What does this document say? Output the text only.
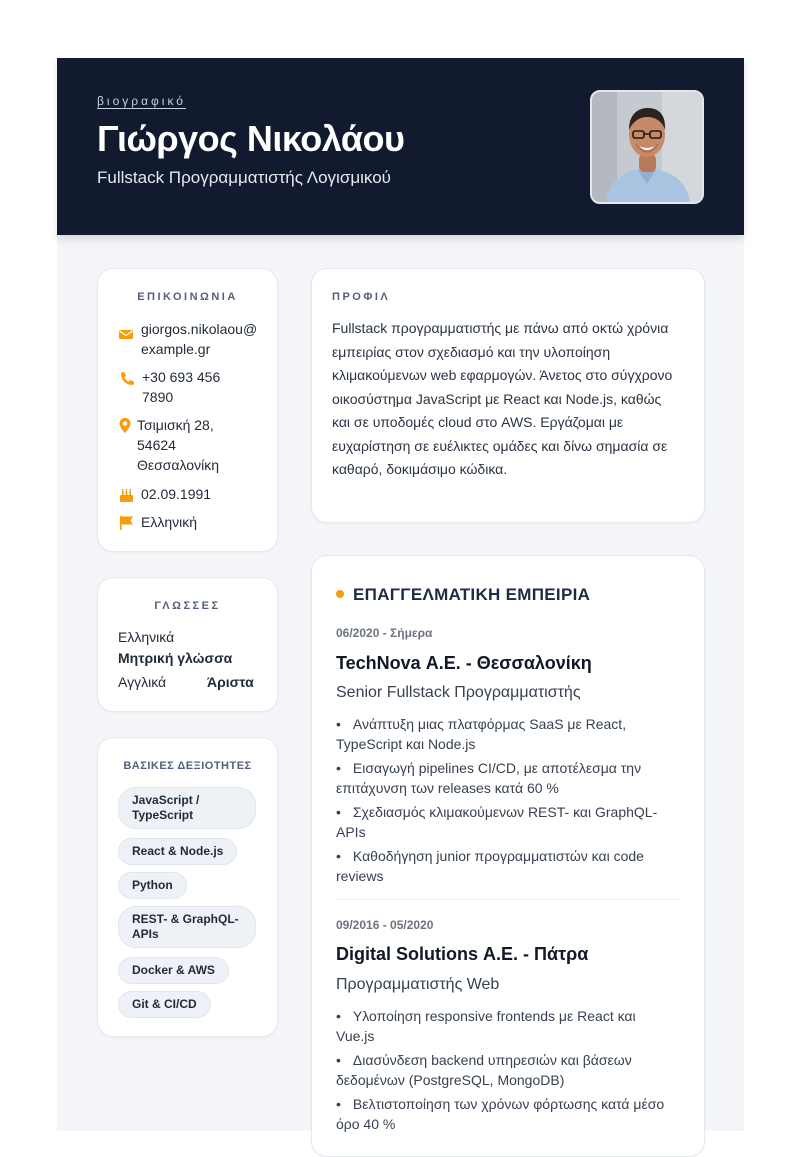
βιογραφικό
Γιώργος Νικολάου
Fullstack Προγραμματιστής Λογισμικού
ΕΠΙΚΟΙΝΩΝΙΑ
giorgos.nikolaou@example.gr
+30 693 456 7890
Τσιμισκή 28, 54624 Θεσσαλονίκη
02.09.1991
Ελληνική
ΓΛΩΣΣΕΣ
Ελληνικά
Μητρική γλώσσα
Αγγλικά	Άριστα
ΒΑΣΙΚΕΣ ΔΕΞΙΟΤΗΤΕΣ
JavaScript / TypeScript
React & Node.js
Python
REST- & GraphQL-APIs
Docker & AWS
Git & CI/CD
ΠΡΟΦΙΛ
Fullstack προγραμματιστής με πάνω από οκτώ χρόνια εμπειρίας στον σχεδιασμό και την υλοποίηση κλιμακούμενων web εφαρμογών. Άνετος στο σύγχρονο οικοσύστημα JavaScript με React και Node.js, καθώς και σε υποδομές cloud στο AWS. Εργάζομαι με ευχαρίστηση σε ευέλικτες ομάδες και δίνω σημασία σε καθαρό, δοκιμάσιμο κώδικα.
ΕΠΑΓΓΕΛΜΑΤΙΚΗ ΕΜΠΕΙΡΙΑ
06/2020 - Σήμερα
TechNova Α.Ε. - Θεσσαλονίκη
Senior Fullstack Προγραμματιστής
• Ανάπτυξη μιας πλατφόρμας SaaS με React, TypeScript και Node.js
• Εισαγωγή pipelines CI/CD, με αποτέλεσμα την επιτάχυνση των releases κατά 60 %
• Σχεδιασμός κλιμακούμενων REST- και GraphQL-APIs
• Καθοδήγηση junior προγραμματιστών και code reviews
09/2016 - 05/2020
Digital Solutions Α.Ε. - Πάτρα
Προγραμματιστής Web
• Υλοποίηση responsive frontends με React και Vue.js
• Διασύνδεση backend υπηρεσιών και βάσεων δεδομένων (PostgreSQL, MongoDB)
• Βελτιστοποίηση των χρόνων φόρτωσης κατά μέσο όρο 40 %
